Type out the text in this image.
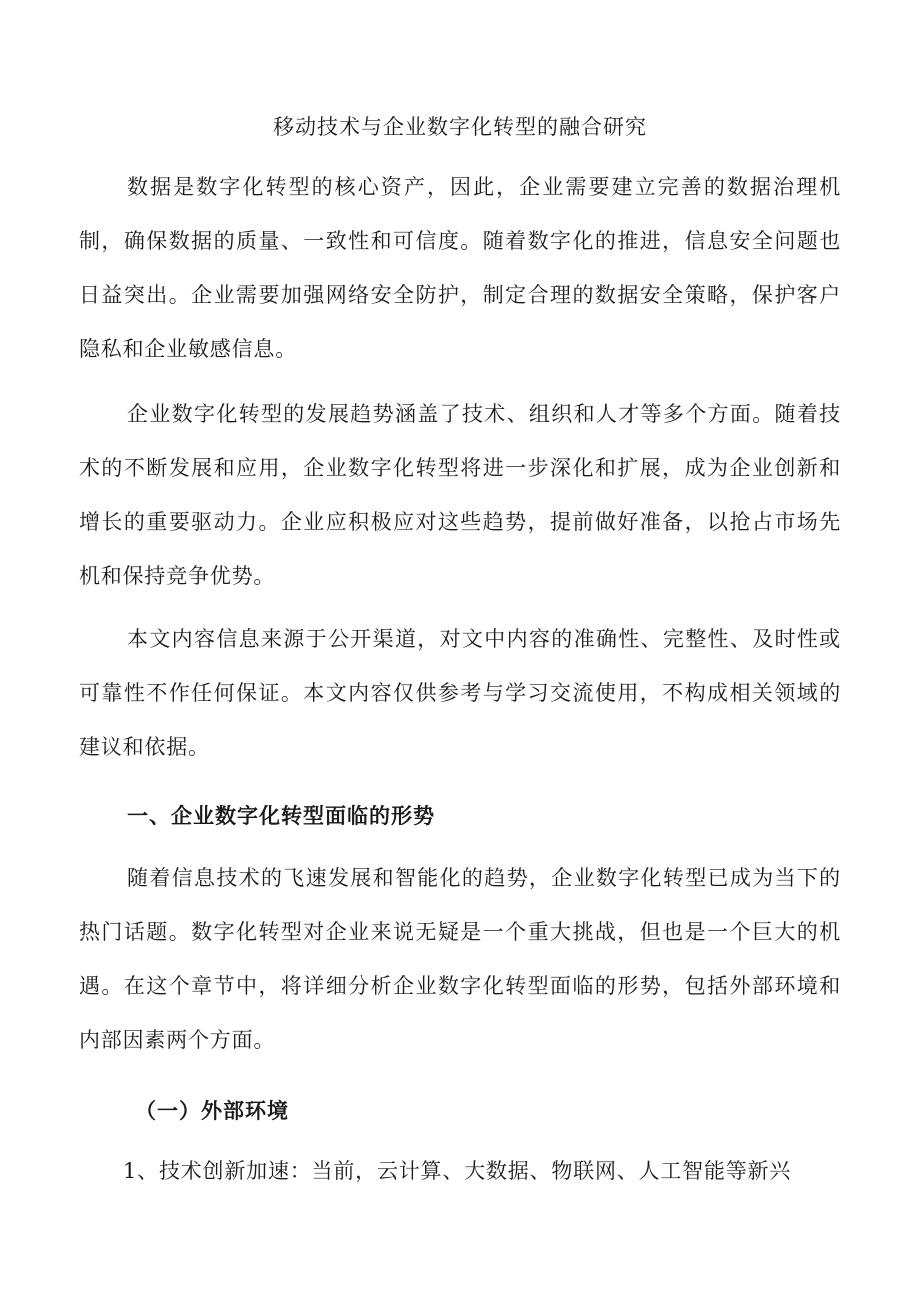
移动技术与企业数字化转型的融合研究

数据是数字化转型的核心资产，因此，企业需要建立完善的数据治理机制，确保数据的质量、一致性和可信度。随着数字化的推进，信息安全问题也日益突出。企业需要加强网络安全防护，制定合理的数据安全策略，保护客户隐私和企业敏感信息。

企业数字化转型的发展趋势涵盖了技术、组织和人才等多个方面。随着技术的不断发展和应用，企业数字化转型将进一步深化和扩展，成为企业创新和增长的重要驱动力。企业应积极应对这些趋势，提前做好准备，以抢占市场先机和保持竞争优势。

本文内容信息来源于公开渠道，对文中内容的准确性、完整性、及时性或可靠性不作任何保证。本文内容仅供参考与学习交流使用，不构成相关领域的建议和依据。

一、企业数字化转型面临的形势

随着信息技术的飞速发展和智能化的趋势，企业数字化转型已成为当下的热门话题。数字化转型对企业来说无疑是一个重大挑战，但也是一个巨大的机遇。在这个章节中，将详细分析企业数字化转型面临的形势，包括外部环境和内部因素两个方面。

（一）外部环境

1、技术创新加速：当前，云计算、大数据、物联网、人工智能等新兴
